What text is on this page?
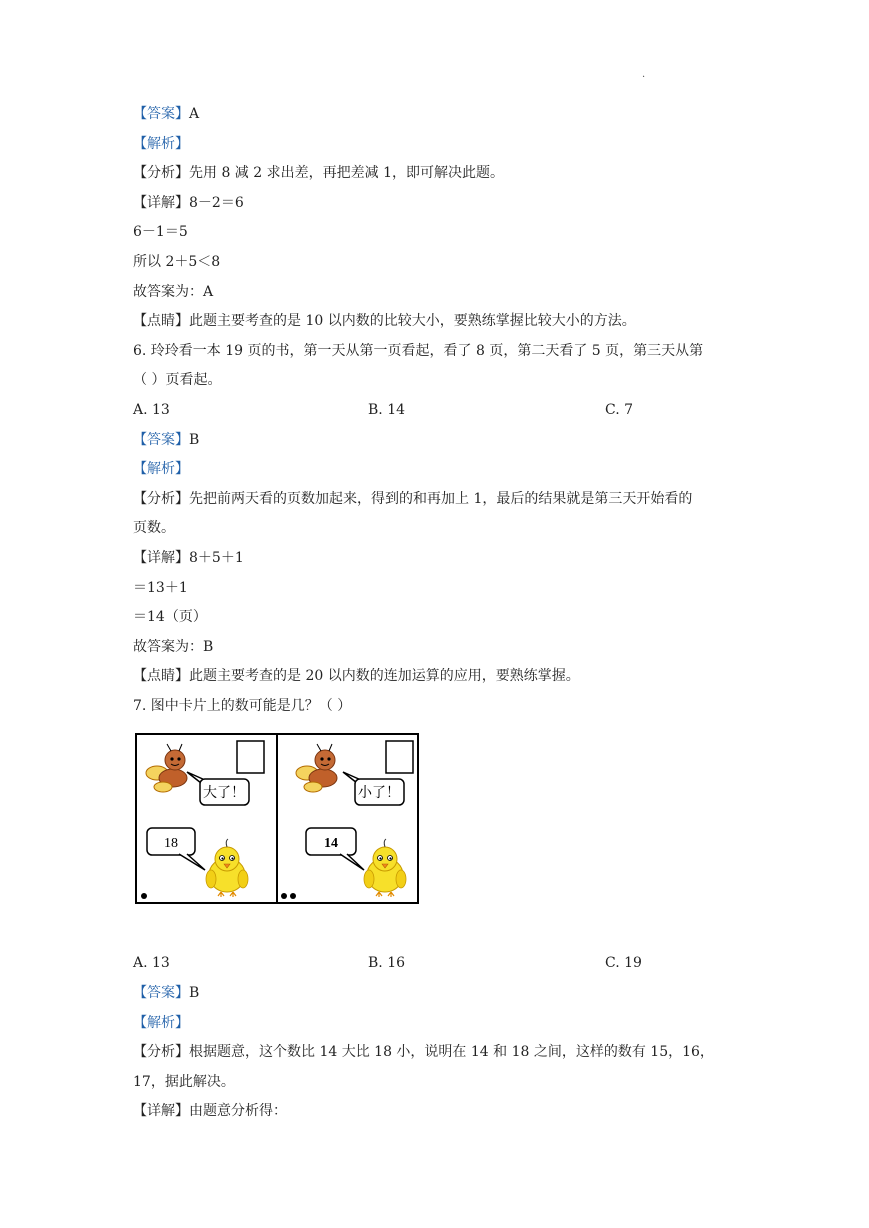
·
【答案】A
【解析】
【分析】先用 8 减 2 求出差，再把差减 1，即可解决此题。
【详解】8－2＝6
6－1＝5
所以 2＋5＜8
故答案为：A
【点睛】此题主要考查的是 10 以内数的比较大小，要熟练掌握比较大小的方法。
6. 玲玲看一本 19 页的书，第一天从第一页看起，看了 8 页，第二天看了 5 页，第三天从第
（ ）页看起。
A. 13	B. 14	C. 7
【答案】B
【解析】
【分析】先把前两天看的页数加起来，得到的和再加上 1，最后的结果就是第三天开始看的
页数。
【详解】8＋5＋1
＝13＋1
＝14（页）
故答案为：B
【点睛】此题主要考查的是 20 以内数的连加运算的应用，要熟练掌握。
7. 图中卡片上的数可能是几？（ ）
大了！
18
小了！
14
A. 13	B. 16	C. 19
【答案】B
【解析】
【分析】根据题意，这个数比 14 大比 18 小，说明在 14 和 18 之间，这样的数有 15，16，
17，据此解决。
【详解】由题意分析得：
